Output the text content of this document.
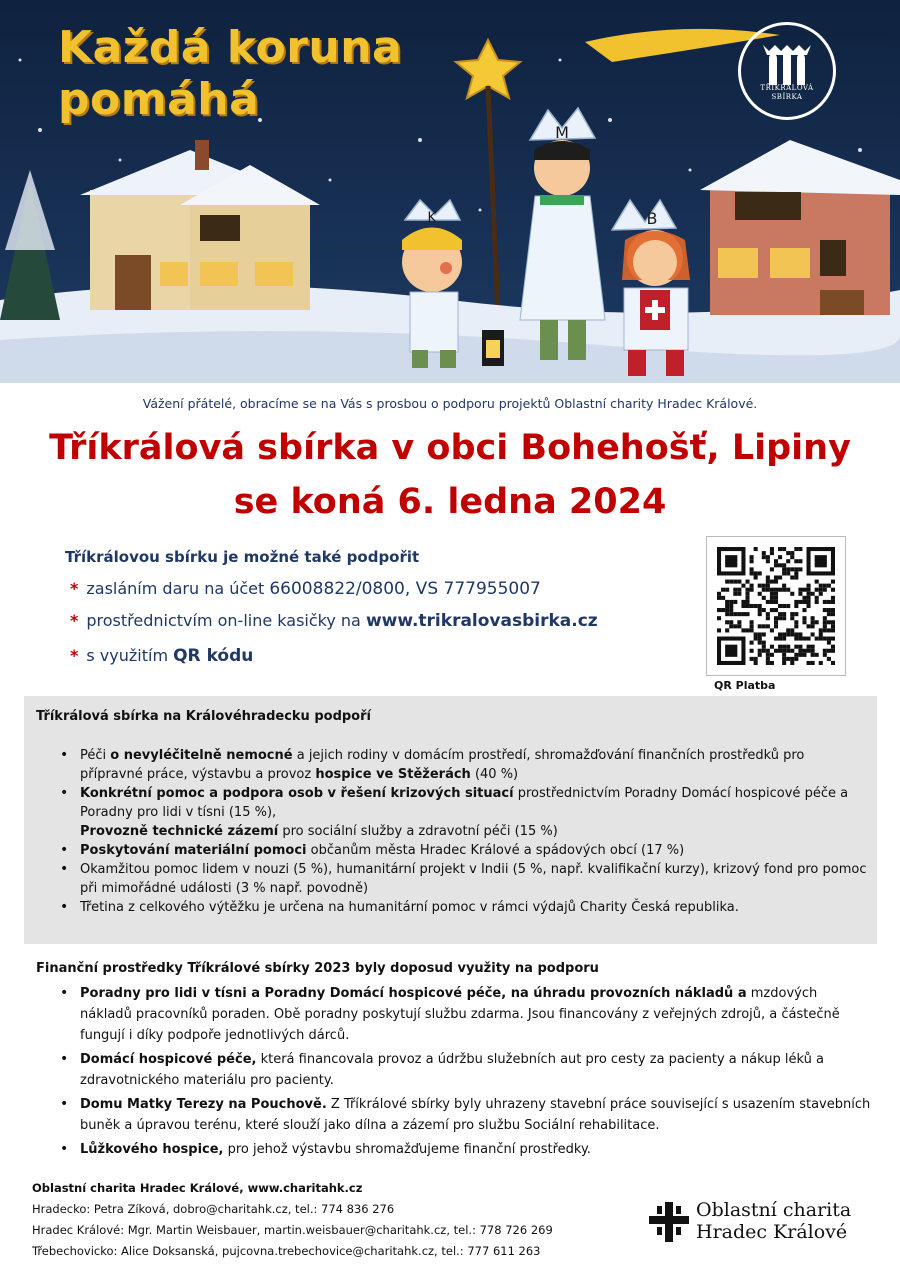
K
M
B
Každá koruna
pomáhá	TŘÍKRÁLOVÁ SBÍRKA
Vážení přátelé, obracíme se na Vás s prosbou o podporu projektů Oblastní charity Hradec Králové.
Tříkrálová sbírka v obci Bohehošť, Lipiny
se koná 6. ledna 2024
Tříkrálovou sbírku je možné také podpořit
* zasláním daru na účet 66008822/0800, VS 777955007
* prostřednictvím on-line kasičky na www.trikralovasbirka.cz
* s využitím QR kódu
QR Platba
Tříkrálová sbírka na Královéhradecku podpoří
• Péči o nevyléčitelně nemocné a jejich rodiny v domácím prostředí, shromažďování finančních prostředků pro přípravné práce, výstavbu a provoz hospice ve Stěžerách (40 %)
• Konkrétní pomoc a podpora osob v řešení krizových situací prostřednictvím Poradny Domácí hospicové péče a Poradny pro lidi v tísni (15 %),
Provozně technické zázemí pro sociální služby a zdravotní péči (15 %)
• Poskytování materiální pomoci občanům města Hradec Králové a spádových obcí (17 %)
• Okamžitou pomoc lidem v nouzi (5 %), humanitární projekt v Indii (5 %, např. kvalifikační kurzy), krizový fond pro pomoc při mimořádné události (3 % např. povodně)
• Třetina z celkového výtěžku je určena na humanitární pomoc v rámci výdajů Charity Česká republika.
Finanční prostředky Tříkrálové sbírky 2023 byly doposud využity na podporu
• Poradny pro lidi v tísni a Poradny Domácí hospicové péče, na úhradu provozních nákladů a mzdových nákladů pracovníků poraden. Obě poradny poskytují službu zdarma. Jsou financovány z veřejných zdrojů, a částečně fungují i díky podpoře jednotlivých dárců.
• Domácí hospicové péče, která financovala provoz a údržbu služebních aut pro cesty za pacienty a nákup léků a zdravotnického materiálu pro pacienty.
• Domu Matky Terezy na Pouchově. Z Tříkrálové sbírky byly uhrazeny stavební práce související s usazením stavebních buněk a úpravou terénu, které slouží jako dílna a zázemí pro službu Sociální rehabilitace.
• Lůžkového hospice, pro jehož výstavbu shromažďujeme finanční prostředky.
Oblastní charita Hradec Králové, www.charitahk.cz
Hradecko: Petra Zíková, dobro@charitahk.cz, tel.: 774 836 276
Hradec Králové: Mgr. Martin Weisbauer, martin.weisbauer@charitahk.cz, tel.: 778 726 269
Třebechovicko: Alice Doksanská, pujcovna.trebechovice@charitahk.cz, tel.: 777 611 263
Oblastní charita
Hradec Králové
